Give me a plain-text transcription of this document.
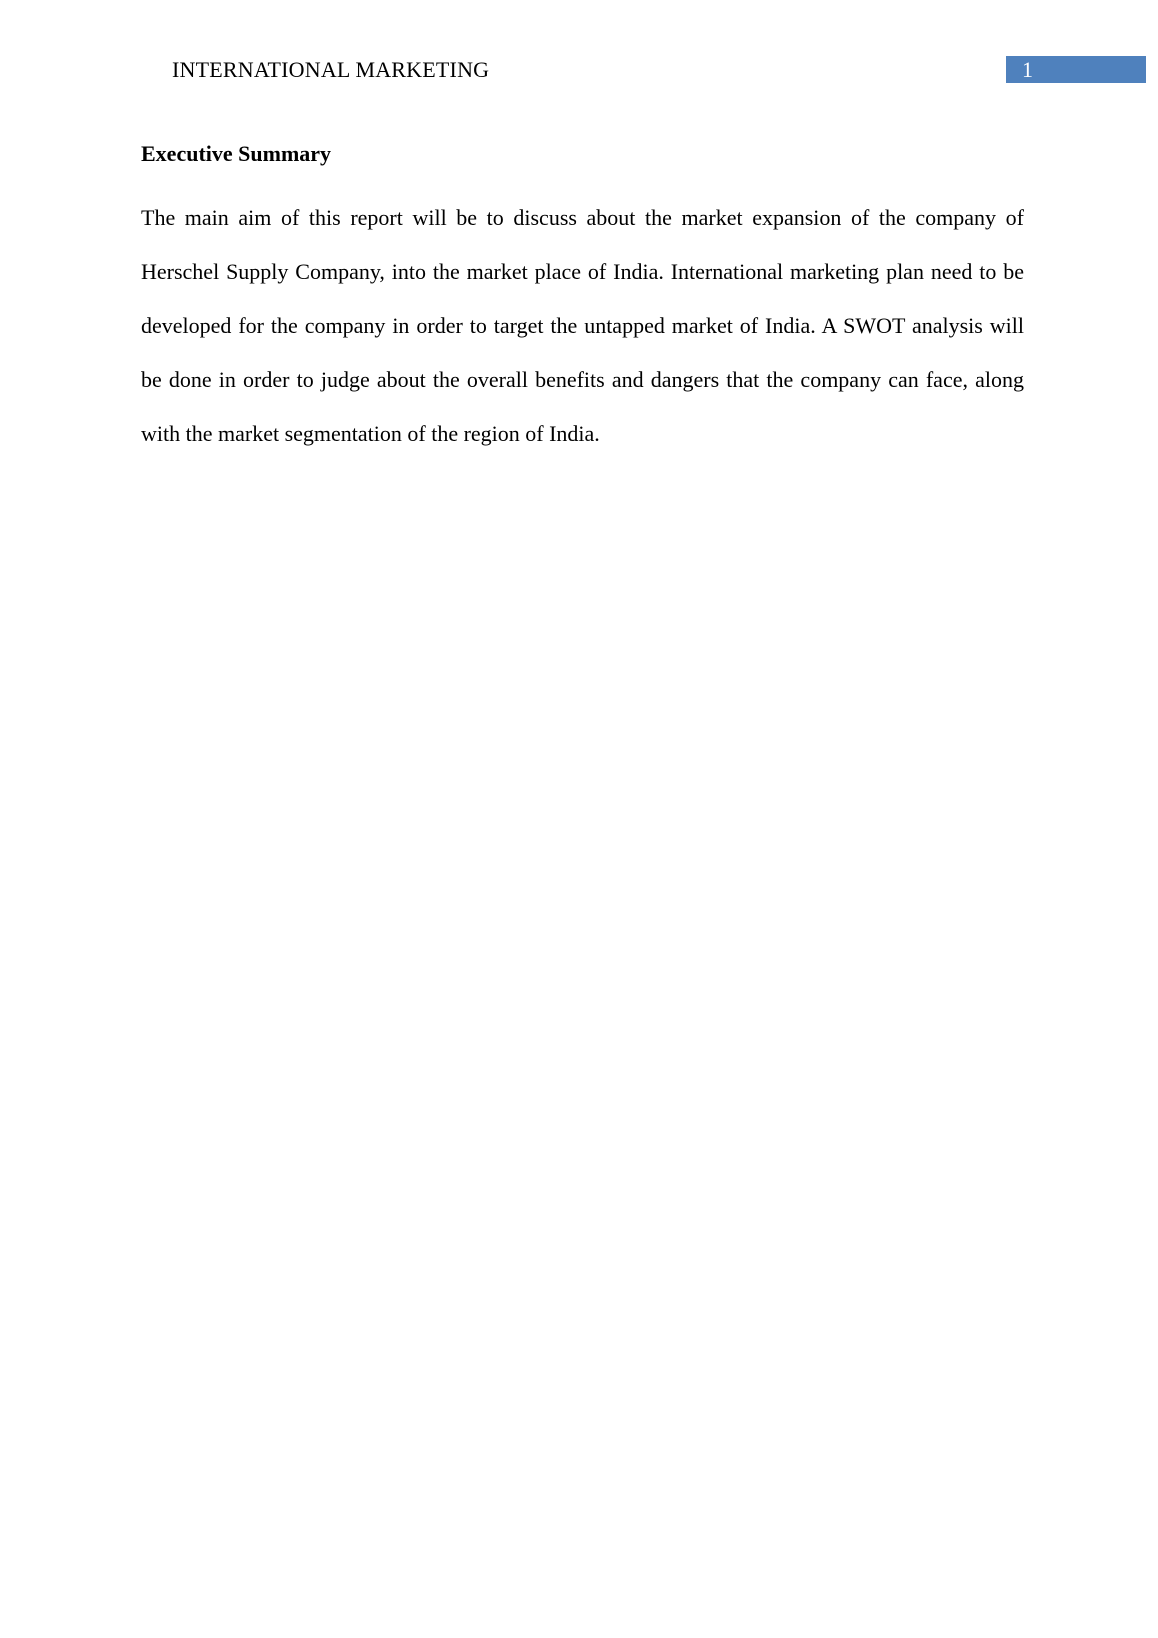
INTERNATIONAL MARKETING	1
Executive Summary

The main aim of this report will be to discuss about the market expansion of the company of Herschel Supply Company, into the market place of India. International marketing plan need to be developed for the company in order to target the untapped market of India. A SWOT analysis will be done in order to judge about the overall benefits and dangers that the company can face, along with the market segmentation of the region of India.
